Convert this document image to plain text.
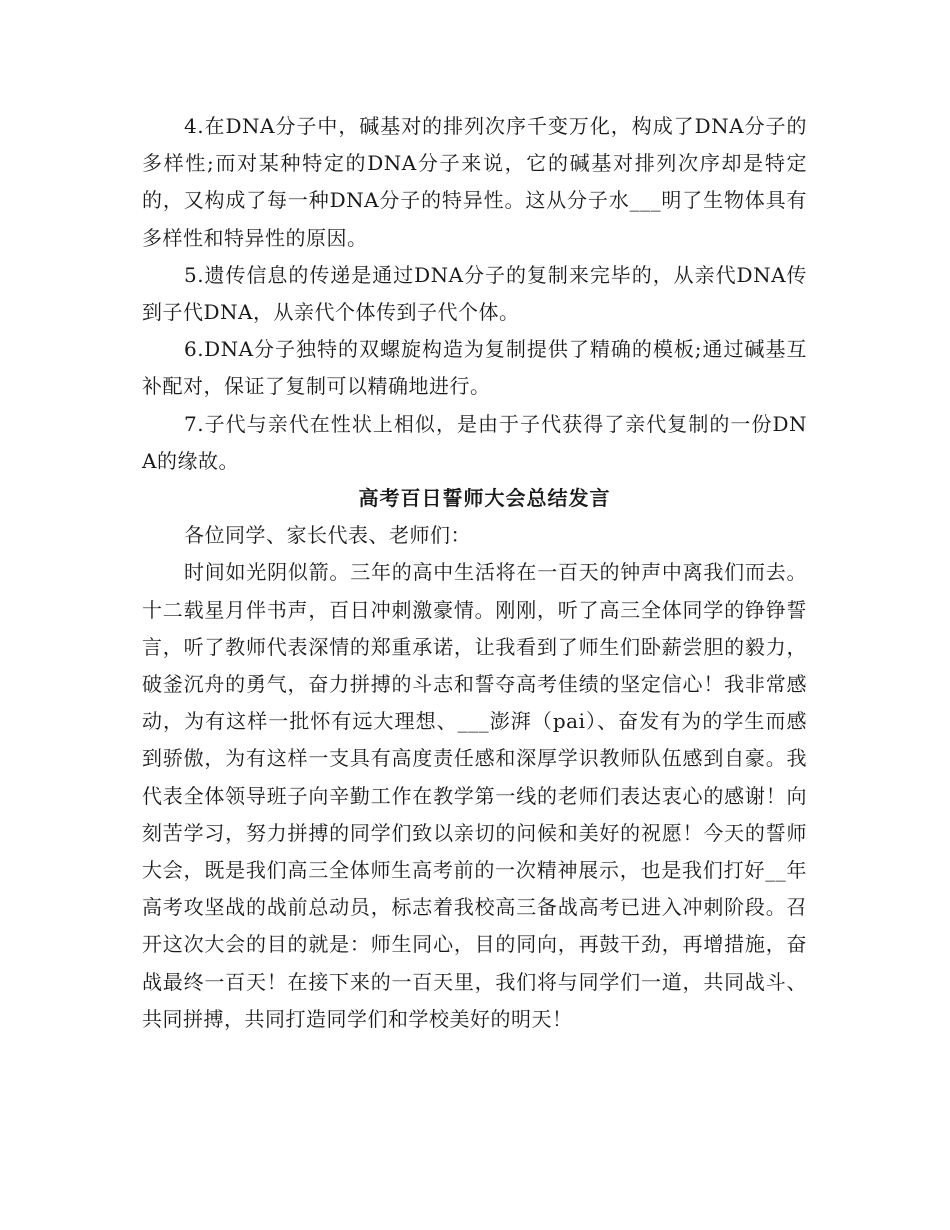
4.在DNA分子中，碱基对的排列次序千变万化，构成了DNA分子的多样性;而对某种特定的DNA分子来说，它的碱基对排列次序却是特定的，又构成了每一种DNA分子的特异性。这从分子水___明了生物体具有多样性和特异性的原因。

5.遗传信息的传递是通过DNA分子的复制来完毕的，从亲代DNA传到子代DNA，从亲代个体传到子代个体。

6.DNA分子独特的双螺旋构造为复制提供了精确的模板;通过碱基互补配对，保证了复制可以精确地进行。

7.子代与亲代在性状上相似，是由于子代获得了亲代复制的一份DNA的缘故。

高考百日誓师大会总结发言

各位同学、家长代表、老师们：

时间如光阴似箭。三年的高中生活将在一百天的钟声中离我们而去。十二载星月伴书声，百日冲刺激豪情。刚刚，听了高三全体同学的铮铮誓言，听了教师代表深情的郑重承诺，让我看到了师生们卧薪尝胆的毅力，破釜沉舟的勇气，奋力拼搏的斗志和誓夺高考佳绩的坚定信心！我非常感动，为有这样一批怀有远大理想、___澎湃（pai）、奋发有为的学生而感到骄傲，为有这样一支具有高度责任感和深厚学识教师队伍感到自豪。我代表全体领导班子向辛勤工作在教学第一线的老师们表达衷心的感谢！向刻苦学习，努力拼搏的同学们致以亲切的问候和美好的祝愿！今天的誓师大会，既是我们高三全体师生高考前的一次精神展示，也是我们打好__年高考攻坚战的战前总动员，标志着我校高三备战高考已进入冲刺阶段。召开这次大会的目的就是：师生同心，目的同向，再鼓干劲，再增措施，奋战最终一百天！在接下来的一百天里，我们将与同学们一道，共同战斗、共同拼搏，共同打造同学们和学校美好的明天！
